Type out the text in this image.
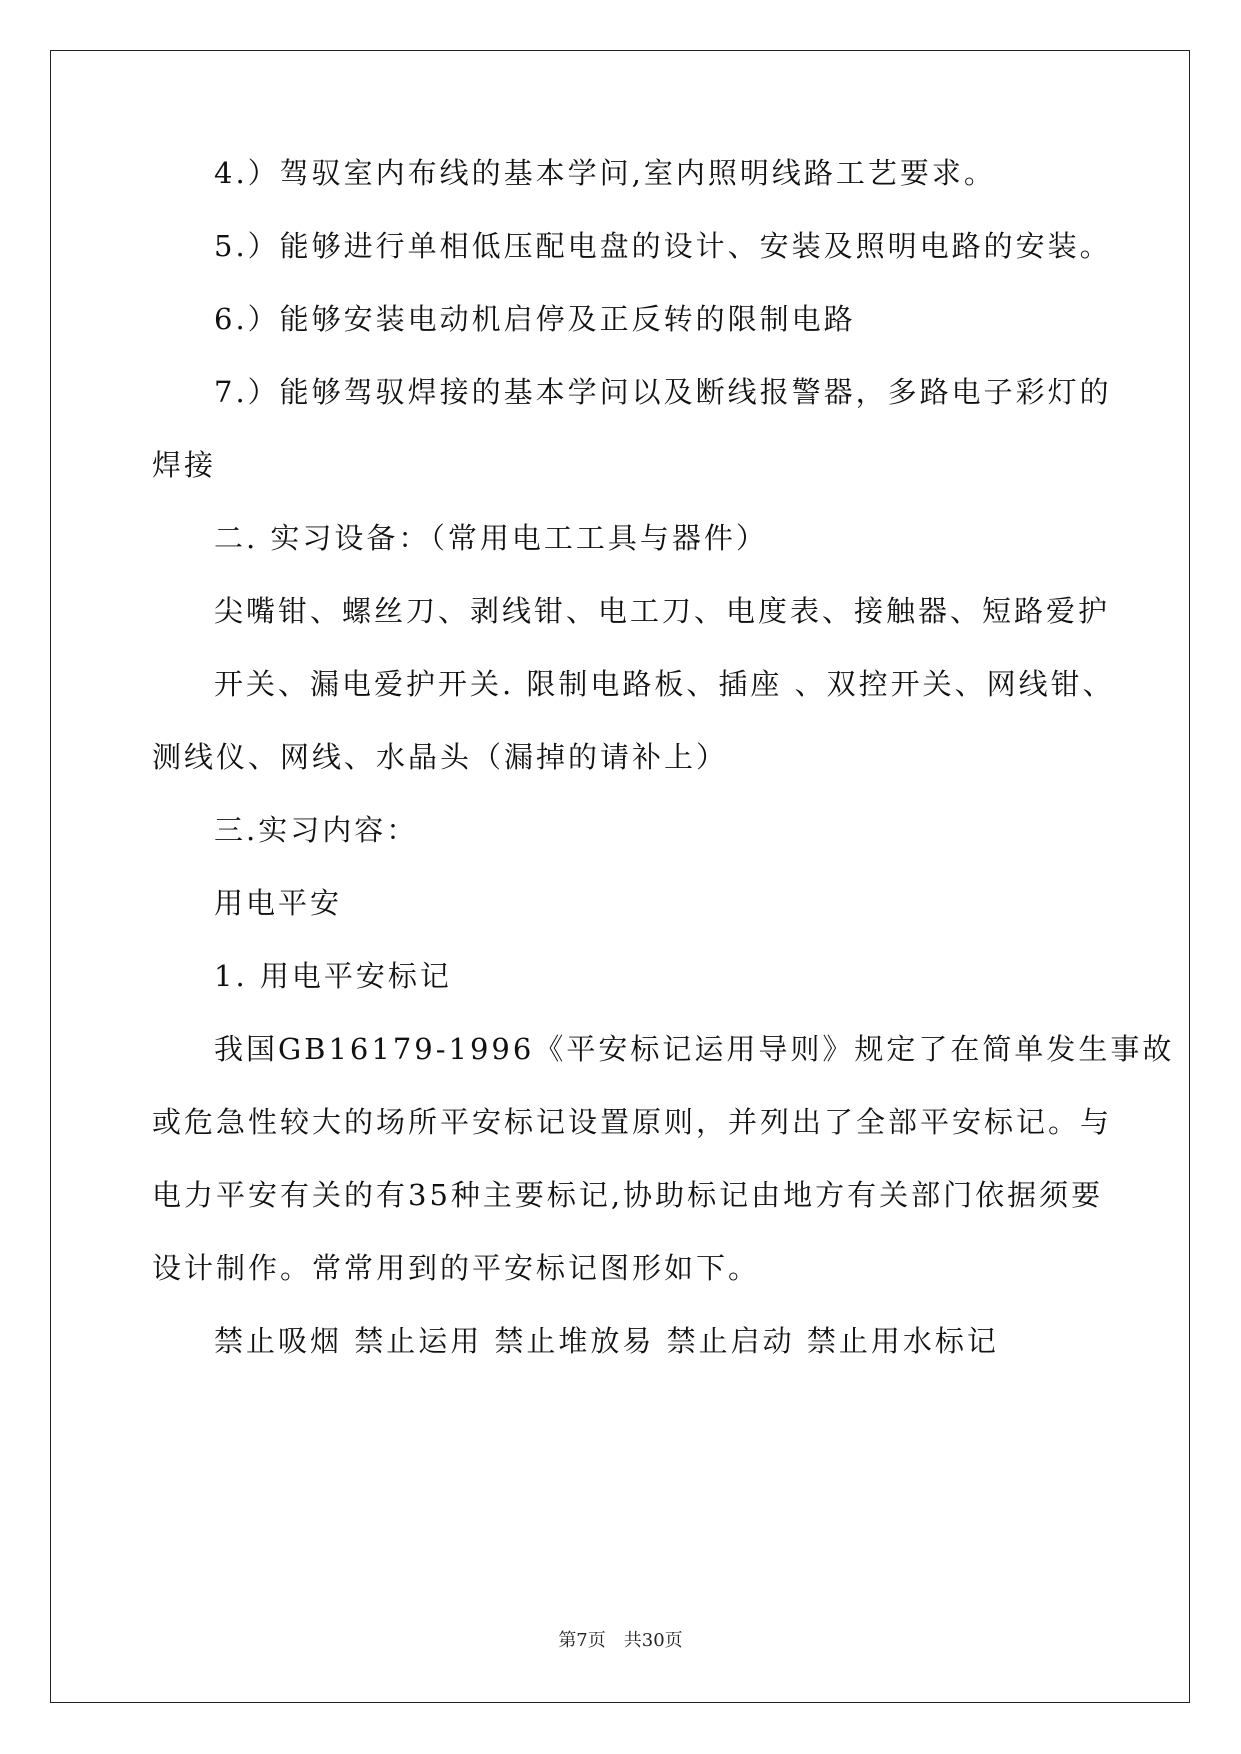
4.）驾驭室内布线的基本学问,室内照明线路工艺要求。
5.）能够进行单相低压配电盘的设计、安装及照明电路的安装。
6.）能够安装电动机启停及正反转的限制电路
7.）能够驾驭焊接的基本学问以及断线报警器，多路电子彩灯的
焊接
二. 实习设备：（常用电工工具与器件）
尖嘴钳、螺丝刀、剥线钳、电工刀、电度表、接触器、短路爱护
开关、漏电爱护开关. 限制电路板、插座 、双控开关、网线钳、
测线仪、网线、水晶头（漏掉的请补上）
三.实习内容：
用电平安
1. 用电平安标记
我国GB16179-1996《平安标记运用导则》规定了在简单发生事故
或危急性较大的场所平安标记设置原则，并列出了全部平安标记。与
电力平安有关的有35种主要标记,协助标记由地方有关部门依据须要
设计制作。常常用到的平安标记图形如下。
禁止吸烟 禁止运用 禁止堆放易 禁止启动 禁止用水标记
第7页　共30页
